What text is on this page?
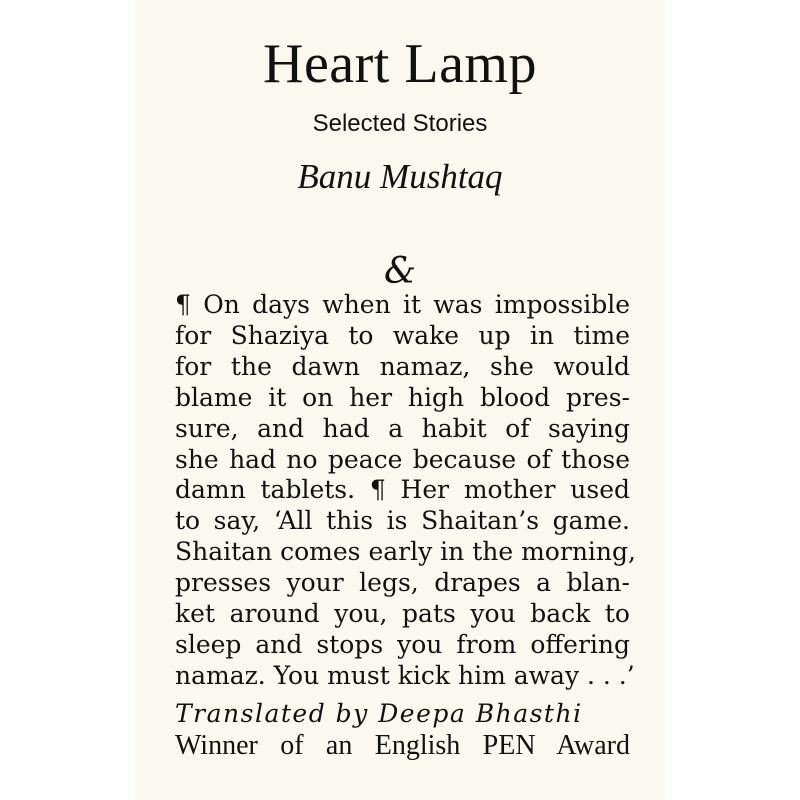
Heart Lamp
Selected Stories
Banu Mushtaq
&
¶ On days when it was impossible
for Shaziya to wake up in time
for the dawn namaz, she would
blame it on her high blood pres-
sure, and had a habit of saying
she had no peace because of those
damn tablets. ¶ Her mother used
to say, ‘All this is Shaitan’s game.
Shaitan comes early in the morning,
presses your legs, drapes a blan-
ket around you, pats you back to
sleep and stops you from offering
namaz. You must kick him away . . .’
Translated by Deepa Bhasthi
Winner of an English PEN Award
